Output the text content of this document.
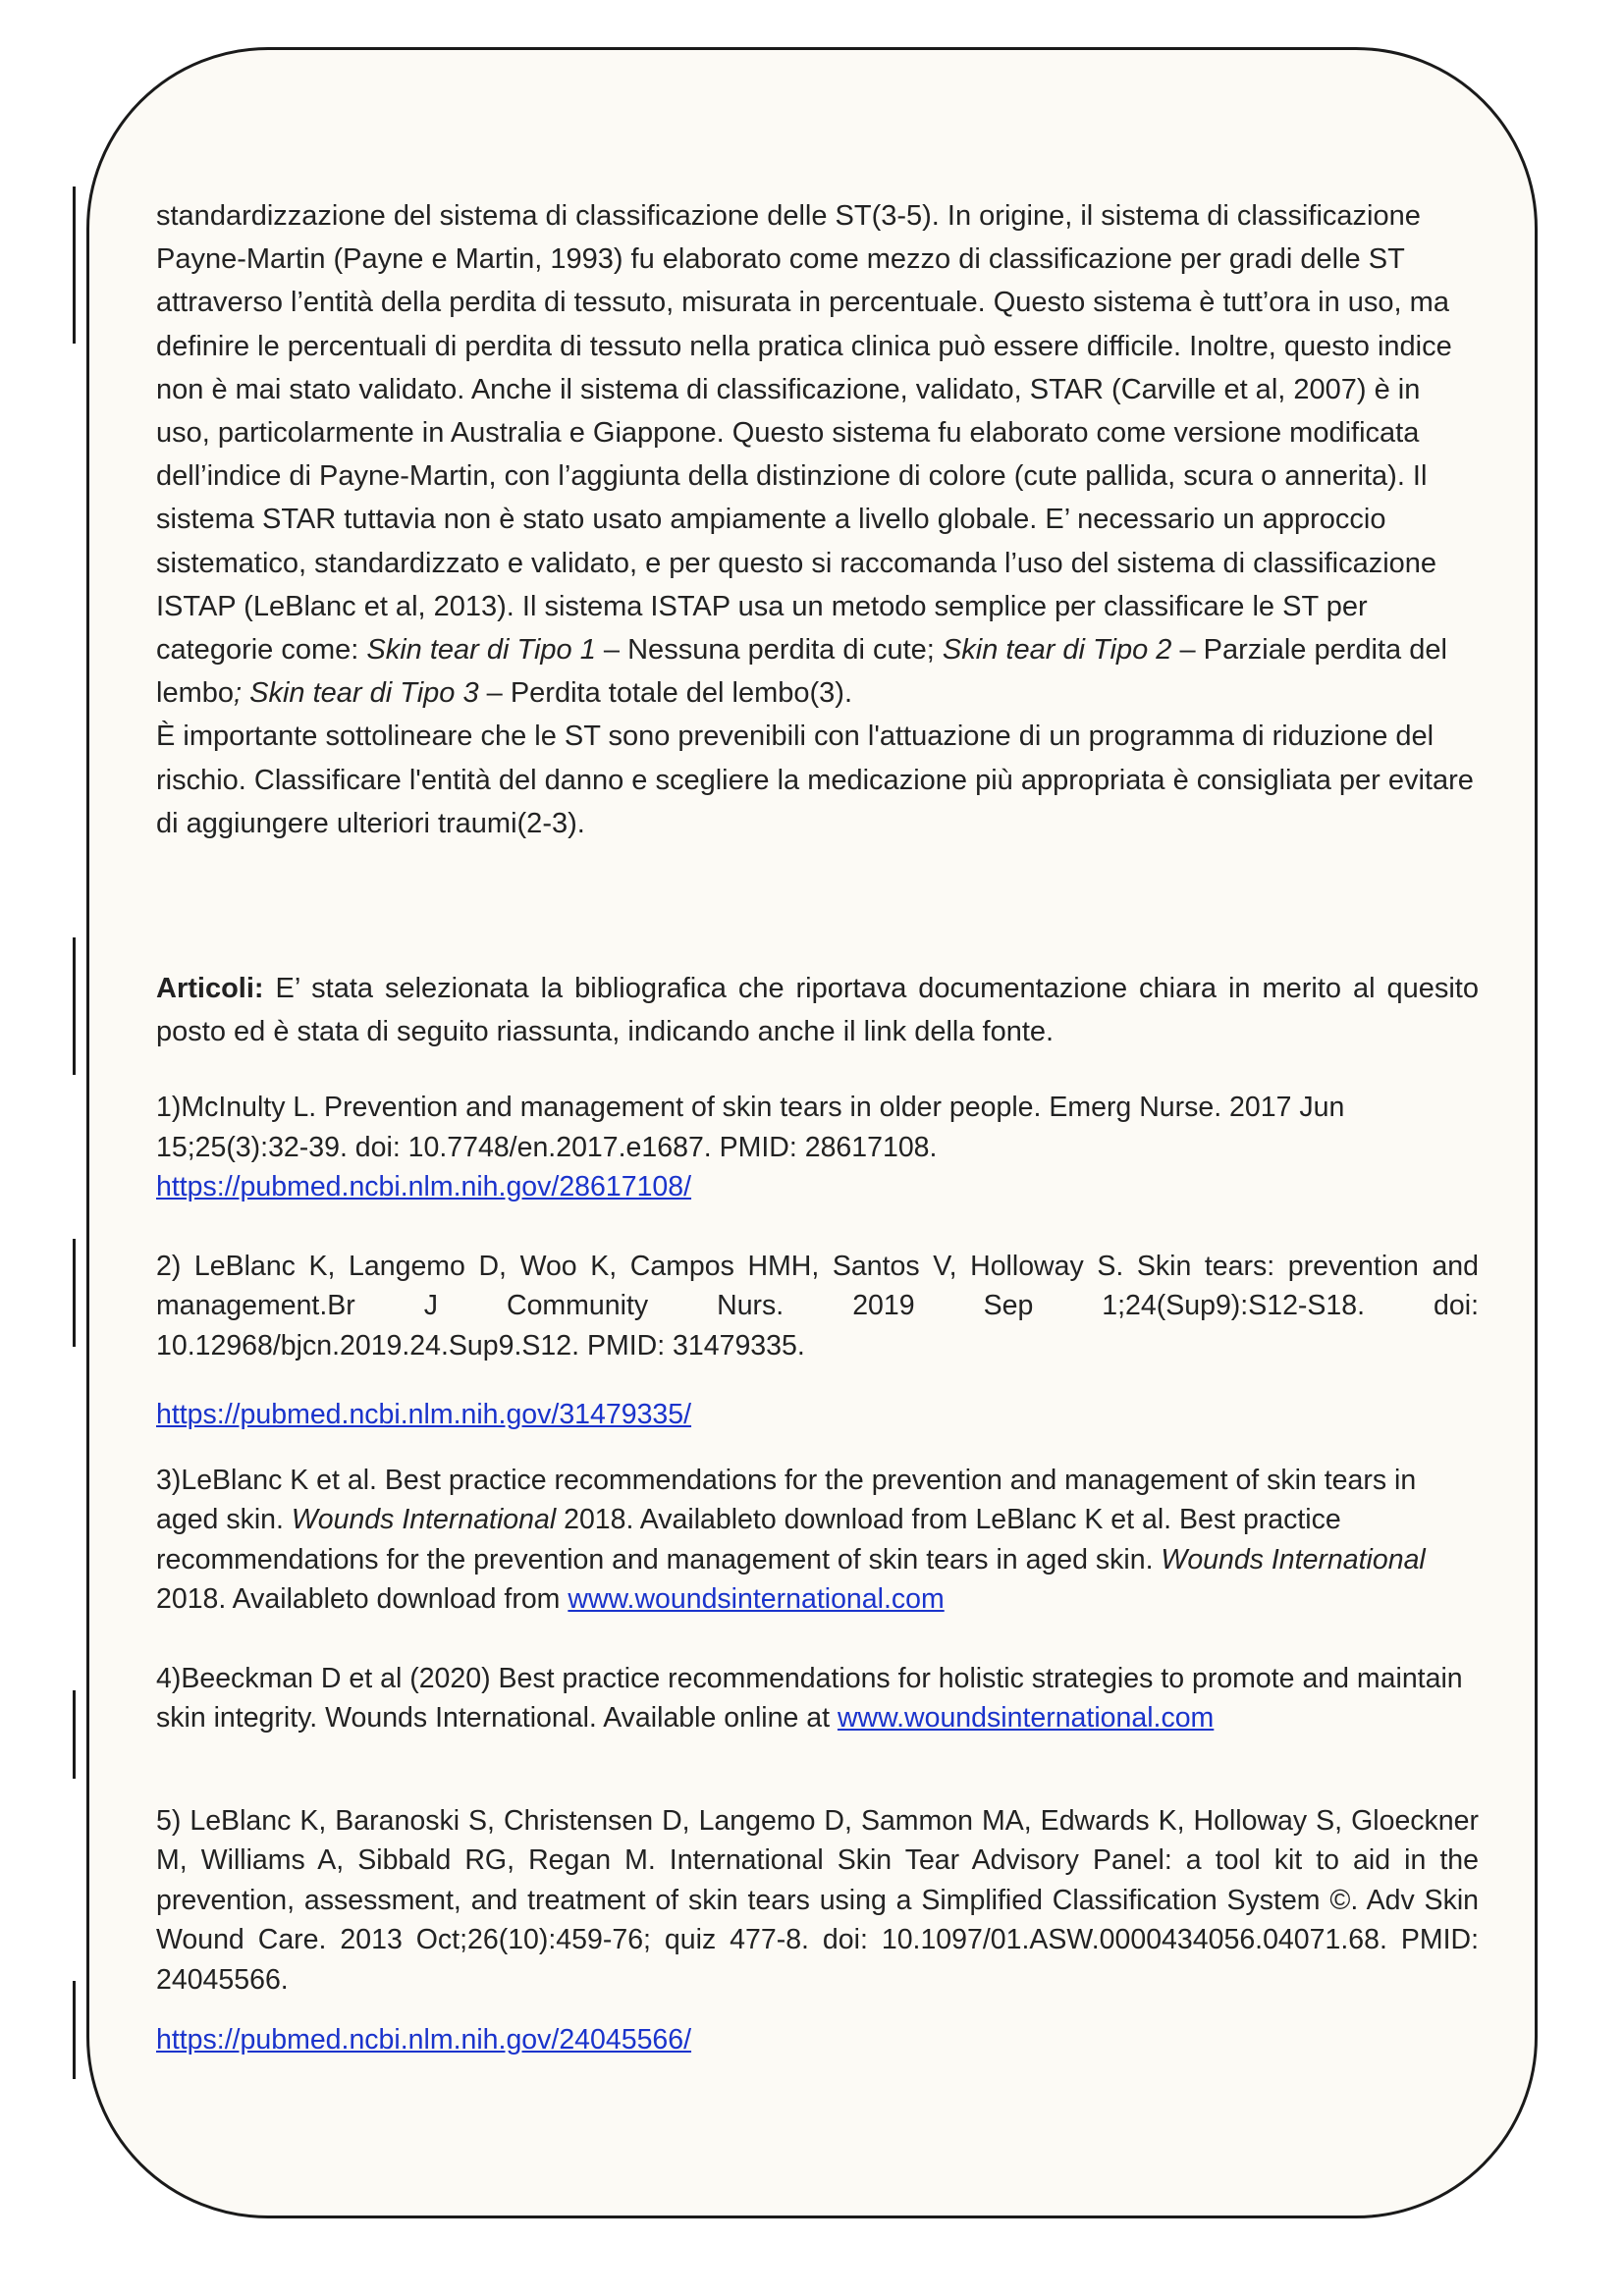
standardizzazione del sistema di classificazione delle ST(3-5). In origine, il sistema di classificazione Payne-Martin (Payne e Martin, 1993) fu elaborato come mezzo di classificazione per gradi delle ST attraverso l’entità della perdita di tessuto, misurata in percentuale. Questo sistema è tutt’ora in uso, ma definire le percentuali di perdita di tessuto nella pratica clinica può essere difficile. Inoltre, questo indice non è mai stato validato. Anche il sistema di classificazione, validato, STAR (Carville et al, 2007) è in uso, particolarmente in Australia e Giappone. Questo sistema fu elaborato come versione modificata dell’indice di Payne-Martin, con l’aggiunta della distinzione di colore (cute pallida, scura o annerita). Il sistema STAR tuttavia non è stato usato ampiamente a livello globale. E’ necessario un approccio sistematico, standardizzato e validato, e per questo si raccomanda l’uso del sistema di classificazione ISTAP (LeBlanc et al, 2013). Il sistema ISTAP usa un metodo semplice per classificare le ST per categorie come: Skin tear di Tipo 1 – Nessuna perdita di cute; Skin tear di Tipo 2 – Parziale perdita del lembo; Skin tear di Tipo 3 – Perdita totale del lembo(3).

È importante sottolineare che le ST sono prevenibili con l'attuazione di un programma di riduzione del rischio. Classificare l'entità del danno e scegliere la medicazione più appropriata è consigliata per evitare di aggiungere ulteriori traumi(2-3).

Articoli: E’ stata selezionata la bibliografica che riportava documentazione chiara in merito al quesito posto ed è stata di seguito riassunta, indicando anche il link della fonte.

1)McInulty L. Prevention and management of skin tears in older people. Emerg Nurse. 2017 Jun 15;25(3):32-39. doi: 10.7748/en.2017.e1687. PMID: 28617108.
https://pubmed.ncbi.nlm.nih.gov/28617108/
2) LeBlanc K, Langemo D, Woo K, Campos HMH, Santos V, Holloway S. Skin tears: prevention and management.Br J Community Nurs. 2019 Sep 1;24(Sup9):S12-S18. doi: 10.12968/bjcn.2019.24.Sup9.S12. PMID: 31479335.
https://pubmed.ncbi.nlm.nih.gov/31479335/
3)LeBlanc K et al. Best practice recommendations for the prevention and management of skin tears in aged skin. Wounds International 2018. Availableto download from LeBlanc K et al. Best practice recommendations for the prevention and management of skin tears in aged skin. Wounds International 2018. Availableto download from www.woundsinternational.com
4)Beeckman D et al (2020) Best practice recommendations for holistic strategies to promote and maintain skin integrity. Wounds International. Available online at www.woundsinternational.com
5) LeBlanc K, Baranoski S, Christensen D, Langemo D, Sammon MA, Edwards K, Holloway S, Gloeckner M, Williams A, Sibbald RG, Regan M. International Skin Tear Advisory Panel: a tool kit to aid in the prevention, assessment, and treatment of skin tears using a Simplified Classification System ©. Adv Skin Wound Care. 2013 Oct;26(10):459-76; quiz 477-8. doi: 10.1097/01.ASW.0000434056.04071.68. PMID: 24045566.
https://pubmed.ncbi.nlm.nih.gov/24045566/
